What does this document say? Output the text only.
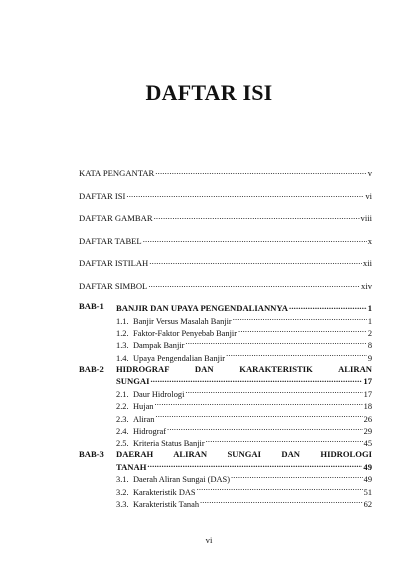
DAFTAR ISI
KATA PENGANTAR .....	v
DAFTAR ISI .....	vi
DAFTAR GAMBAR .....	viii
DAFTAR TABEL .....	x
DAFTAR ISTILAH .....	xii
DAFTAR SIMBOL .....	xiv
BAB-1	BANJIR DAN UPAYA PENGENDALIANNYA .....	1
1.1. Banjir Versus Masalah Banjir .....	1
1.2. Faktor-Faktor Penyebab Banjir .....	2
1.3. Dampak Banjir .....	8
1.4. Upaya Pengendalian Banjir .....	9
BAB-2	HIDROGRAF DAN KARAKTERISTIK ALIRAN
SUNGAI .....	17
2.1. Daur Hidrologi .....	17
2.2. Hujan .....	18
2.3. Aliran .....	26
2.4. Hidrograf .....	29
2.5. Kriteria Status Banjir .....	45
BAB-3	DAERAH ALIRAN SUNGAI DAN HIDROLOGI
TANAH .....	49
3.1. Daerah Aliran Sungai (DAS) .....	49
3.2. Karakteristik DAS .....	51
3.3. Karakteristik Tanah .....	62
vi
